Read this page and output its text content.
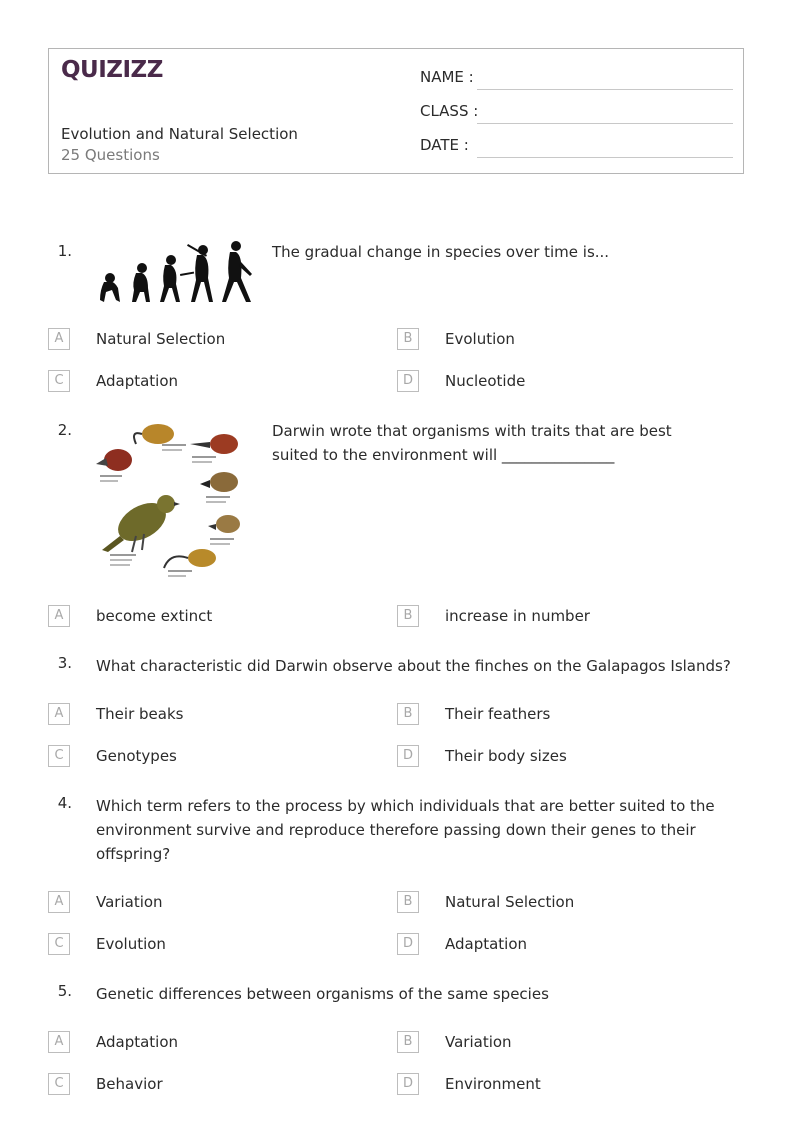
QUIZIZZ
Evolution and Natural Selection
25 Questions
NAME :
CLASS :
DATE :
1.	The gradual change in species over time is...
A	Natural Selection	B	Evolution
C	Adaptation	D	Nucleotide
2.	Darwin wrote that organisms with traits that are best suited to the environment will _______________
A	become extinct	B	increase in number
3. What characteristic did Darwin observe about the finches on the Galapagos Islands?
A	Their beaks	B	Their feathers
C	Genotypes	D	Their body sizes
4. Which term refers to the process by which individuals that are better suited to the environment survive and reproduce therefore passing down their genes to their offspring?
A	Variation	B	Natural Selection
C	Evolution	D	Adaptation
5. Genetic differences between organisms of the same species
A	Adaptation	B	Variation
C	Behavior	D	Environment
